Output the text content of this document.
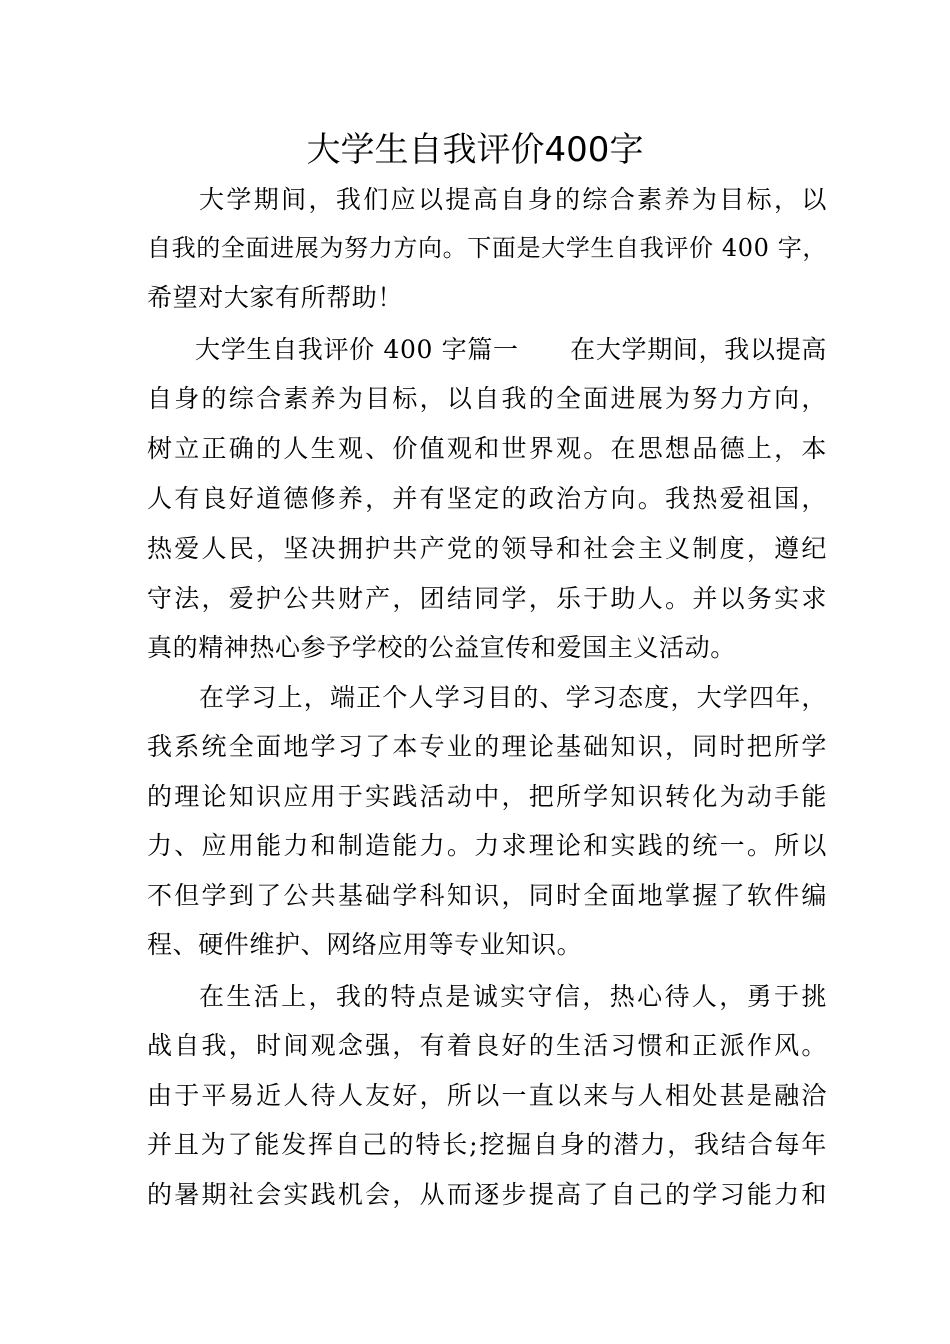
大学生自我评价400字
大学期间，我们应以提高自身的综合素养为目标，以
自我的全面进展为努力方向。下面是大学生自我评价 400 字，
希望对大家有所帮助！
大学生自我评价 400 字篇一　　在大学期间，我以提高
自身的综合素养为目标，以自我的全面进展为努力方向，
树立正确的人生观、价值观和世界观。在思想品德上，本
人有良好道德修养，并有坚定的政治方向。我热爱祖国，
热爱人民，坚决拥护共产党的领导和社会主义制度，遵纪
守法，爱护公共财产，团结同学，乐于助人。并以务实求
真的精神热心参予学校的公益宣传和爱国主义活动。
在学习上，端正个人学习目的、学习态度，大学四年，
我系统全面地学习了本专业的理论基础知识，同时把所学
的理论知识应用于实践活动中，把所学知识转化为动手能
力、应用能力和制造能力。力求理论和实践的统一。所以
不但学到了公共基础学科知识，同时全面地掌握了软件编
程、硬件维护、网络应用等专业知识。
在生活上，我的特点是诚实守信，热心待人，勇于挑
战自我，时间观念强，有着良好的生活习惯和正派作风。
由于平易近人待人友好，所以一直以来与人相处甚是融洽
并且为了能发挥自己的特长;挖掘自身的潜力，我结合每年
的暑期社会实践机会，从而逐步提高了自己的学习能力和
